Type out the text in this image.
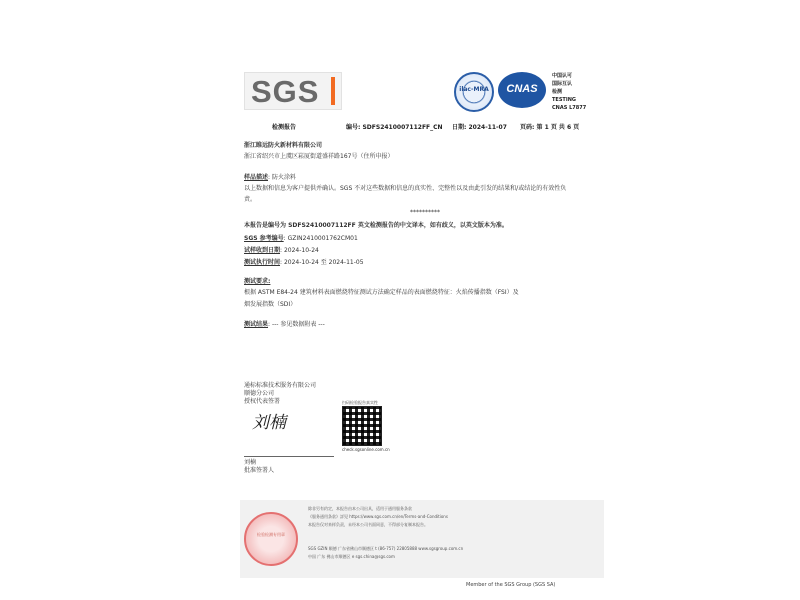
SGS	ilac-MRA	CNAS
中国认可
国际互认
检测
TESTING
CNAS L7877
检测报告	编号: SDFS2410007112FF_CN 日期: 2024-11-07 页码: 第 1 页 共 6 页
浙江睢远防火新材料有限公司
浙江省绍兴市上虞区崧厦街道盛祥路167号（住所申报）
样品描述: 防火涂料
以上数据和信息为客户提供并确认。SGS 不对这些数据和信息的真实性、完整性以及由此引发的结果和/或结论的有效性负责。
**********
本报告是编号为 SDFS2410007112FF 英文检测报告的中文译本，如有歧义，以英文版本为准。
SGS 参考编号: GZIN2410001762CM01
试样收到日期: 2024-10-24
测试执行时间: 2024-10-24 至 2024-11-05
测试要求:
根据 ASTM E84-24 建筑材料表面燃烧特征测试方法确定样品的表面燃烧特征：火焰传播指数（FSI）及
烟发展指数（SDI）
测试结果: --- 参见数据附表 ---
通标标准技术服务有限公司
顺德分公司
授权代表签署
刘楠
刘楠
批准签署人
扫码检验报告真实性
check.sgsonline.com.cn
检验检测专用章
除非另有约定，本报告由本公司出具，适用于通用服务条款
《服务通用条款》詳见 https://www.sgs.com.cn/en/Terms-and-Conditions
本报告仅对来样负责，未经本公司书面同意，不得部分复制本报告。
SGS GZIN 顺德 广东省佛山市顺德区 t (86-757) 22805888 www.sgsgroup.com.cn
中国 广东 佛山市顺德区 e sgs.china@sgs.com
Member of the SGS Group (SGS SA)
